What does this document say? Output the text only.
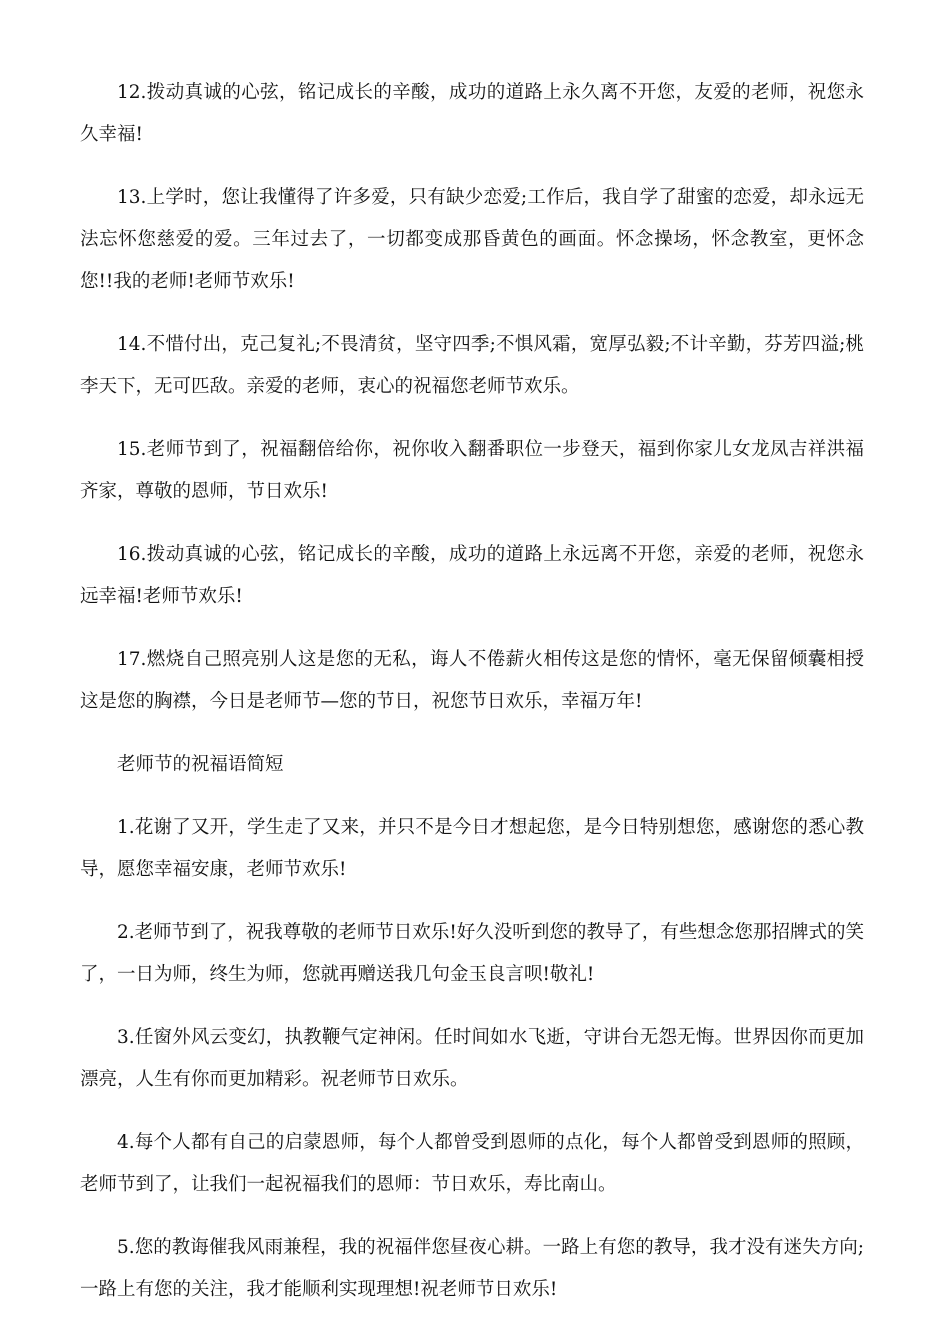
12.拨动真诚的心弦，铭记成长的辛酸，成功的道路上永久离不开您，友爱的老师，祝您永久幸福!

13.上学时，您让我懂得了许多爱，只有缺少恋爱;工作后，我自学了甜蜜的恋爱，却永远无法忘怀您慈爱的爱。三年过去了，一切都变成那昏黄色的画面。怀念操场，怀念教室，更怀念您!!我的老师!老师节欢乐!

14.不惜付出，克己复礼;不畏清贫，坚守四季;不惧风霜，宽厚弘毅;不计辛勤，芬芳四溢;桃李天下，无可匹敌。亲爱的老师，衷心的祝福您老师节欢乐。

15.老师节到了，祝福翻倍给你，祝你收入翻番职位一步登天，福到你家儿女龙凤吉祥洪福齐家，尊敬的恩师，节日欢乐!

16.拨动真诚的心弦，铭记成长的辛酸，成功的道路上永远离不开您，亲爱的老师，祝您永远幸福!老师节欢乐!

17.燃烧自己照亮别人这是您的无私，诲人不倦薪火相传这是您的情怀，毫无保留倾囊相授这是您的胸襟，今日是老师节—您的节日，祝您节日欢乐，幸福万年!

老师节的祝福语简短

1.花谢了又开，学生走了又来，并只不是今日才想起您，是今日特别想您，感谢您的悉心教导，愿您幸福安康，老师节欢乐!

2.老师节到了，祝我尊敬的老师节日欢乐!好久没听到您的教导了，有些想念您那招牌式的笑了，一日为师，终生为师，您就再赠送我几句金玉良言呗!敬礼!

3.任窗外风云变幻，执教鞭气定神闲。任时间如水飞逝，守讲台无怨无悔。世界因你而更加漂亮，人生有你而更加精彩。祝老师节日欢乐。

4.每个人都有自己的启蒙恩师，每个人都曾受到恩师的点化，每个人都曾受到恩师的照顾，老师节到了，让我们一起祝福我们的恩师：节日欢乐，寿比南山。

5.您的教诲催我风雨兼程，我的祝福伴您昼夜心耕。一路上有您的教导，我才没有迷失方向;一路上有您的关注，我才能顺利实现理想!祝老师节日欢乐!
